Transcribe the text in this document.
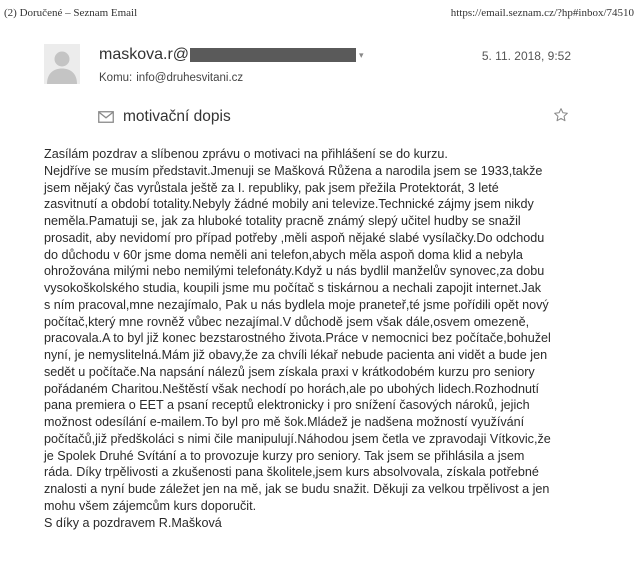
(2) Doručené – Seznam Email	https://email.seznam.cz/?hp#inbox/74510
maskova.r@	▾
Komu: info@druhesvitani.cz
5. 11. 2018, 9:52
motivační dopis
Zasílám pozdrav a slíbenou zprávu o motivaci na přihlášení se do kurzu.
Nejdříve se musím představit.Jmenuji se Mašková Růžena a narodila jsem se 1933,takže
jsem nějaký čas vyrůstala ještě za I. republiky, pak jsem přežila Protektorát, 3 leté
zasvitnutí a období totality.Nebyly žádné mobily ani televize.Technické zájmy jsem nikdy
neměla.Pamatuji se, jak za hluboké totality pracně známý slepý učitel hudby se snažil
prosadit, aby nevidomí pro případ potřeby ,měli aspoň nějaké slabé vysílačky.Do odchodu
do důchodu v 60r jsme doma neměli ani telefon,abych měla aspoň doma klid a nebyla
ohrožována milými nebo nemilými telefonáty.Když u nás bydlil manželův synovec,za dobu
vysokoškolského studia, koupili jsme mu počítač s tiskárnou a nechali zapojit internet.Jak
s ním pracoval,mne nezajímalo, Pak u nás bydlela moje praneteř,té jsme pořídili opět nový
počítač,který mne rovněž vůbec nezajímal.V důchodě jsem však dále,osvem omezeně,
pracovala.A to byl již konec bezstarostného života.Práce v nemocnici bez počítače,bohužel
nyní, je nemyslitelná.Mám již obavy,že za chvíli lékař nebude pacienta ani vidět a bude jen
sedět u počítače.Na napsání nálezů jsem získala praxi v krátkodobém kurzu pro seniory
pořádaném Charitou.Neštěstí však nechodí po horách,ale po ubohých lidech.Rozhodnutí
pana premiera o EET a psaní receptů elektronicky i pro snížení časových nároků, jejich
možnost odesílání e-mailem.To byl pro mě šok.Mládež je nadšena možností využívání
počítačů,již předškoláci s nimi čile manipulují.Náhodou jsem četla ve zpravodaji Vítkovic,že
je Spolek Druhé Svítání a to provozuje kurzy pro seniory. Tak jsem se přihlásila a jsem
ráda. Díky trpělivosti a zkušenosti pana školitele,jsem kurs absolvovala, získala potřebné
znalosti a nyní bude záležet jen na mě, jak se budu snažit. Děkuji za velkou trpělivost a jen
mohu všem zájemcům kurs doporučit.
S díky a pozdravem R.Mašková
